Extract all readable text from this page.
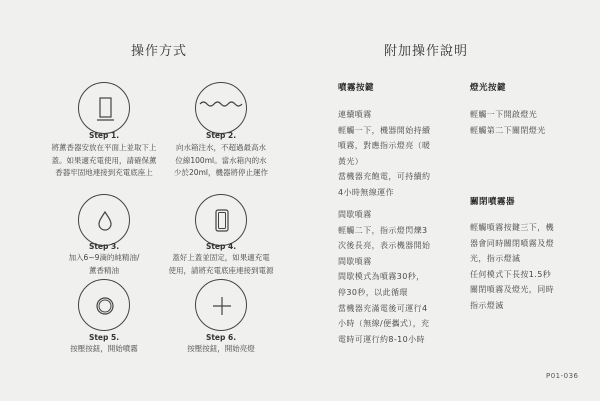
操作方式	附加操作說明
Step 1.
將薰香器安放在平面上並取下上
蓋。如果適充電使用，請確保薰
香器牢固地連接到充電底座上
Step 2.
向水箱注水，不超過最高水
位線100ml。當水箱內的水
少於20ml，機器將停止運作
Step 3.
加入6~9滴的純精油/
薰香精油
Step 4.
蓋好上蓋並固定，如果適充電
使用，請將充電底座連接到電源
Step 5.
按壓按鈕，開始噴霧
Step 6.
按壓按鈕，開始亮燈
噴霧按鍵
連續噴霧
輕觸一下，機器開始持續
噴霧，對應指示燈亮（暖
黃光）
當機器充飽電，可持續約
4小時無線運作
間歇噴霧
輕觸二下，指示燈閃爍3
次後長亮，表示機器開始
間歇噴霧
間歇模式為噴霧30秒，
停30秒，以此循環
當機器充滿電後可運行4
小時（無線/便攜式），充
電時可運行約8-10小時
燈光按鍵
輕觸一下開啟燈光
輕觸第二下關閉燈光
關閉噴霧器
輕觸噴霧按鍵三下，機
器會同時關閉噴霧及燈
光，指示燈滅
任何模式下長按1.5秒
關閉噴霧及燈光，同時
指示燈滅
P01-036
